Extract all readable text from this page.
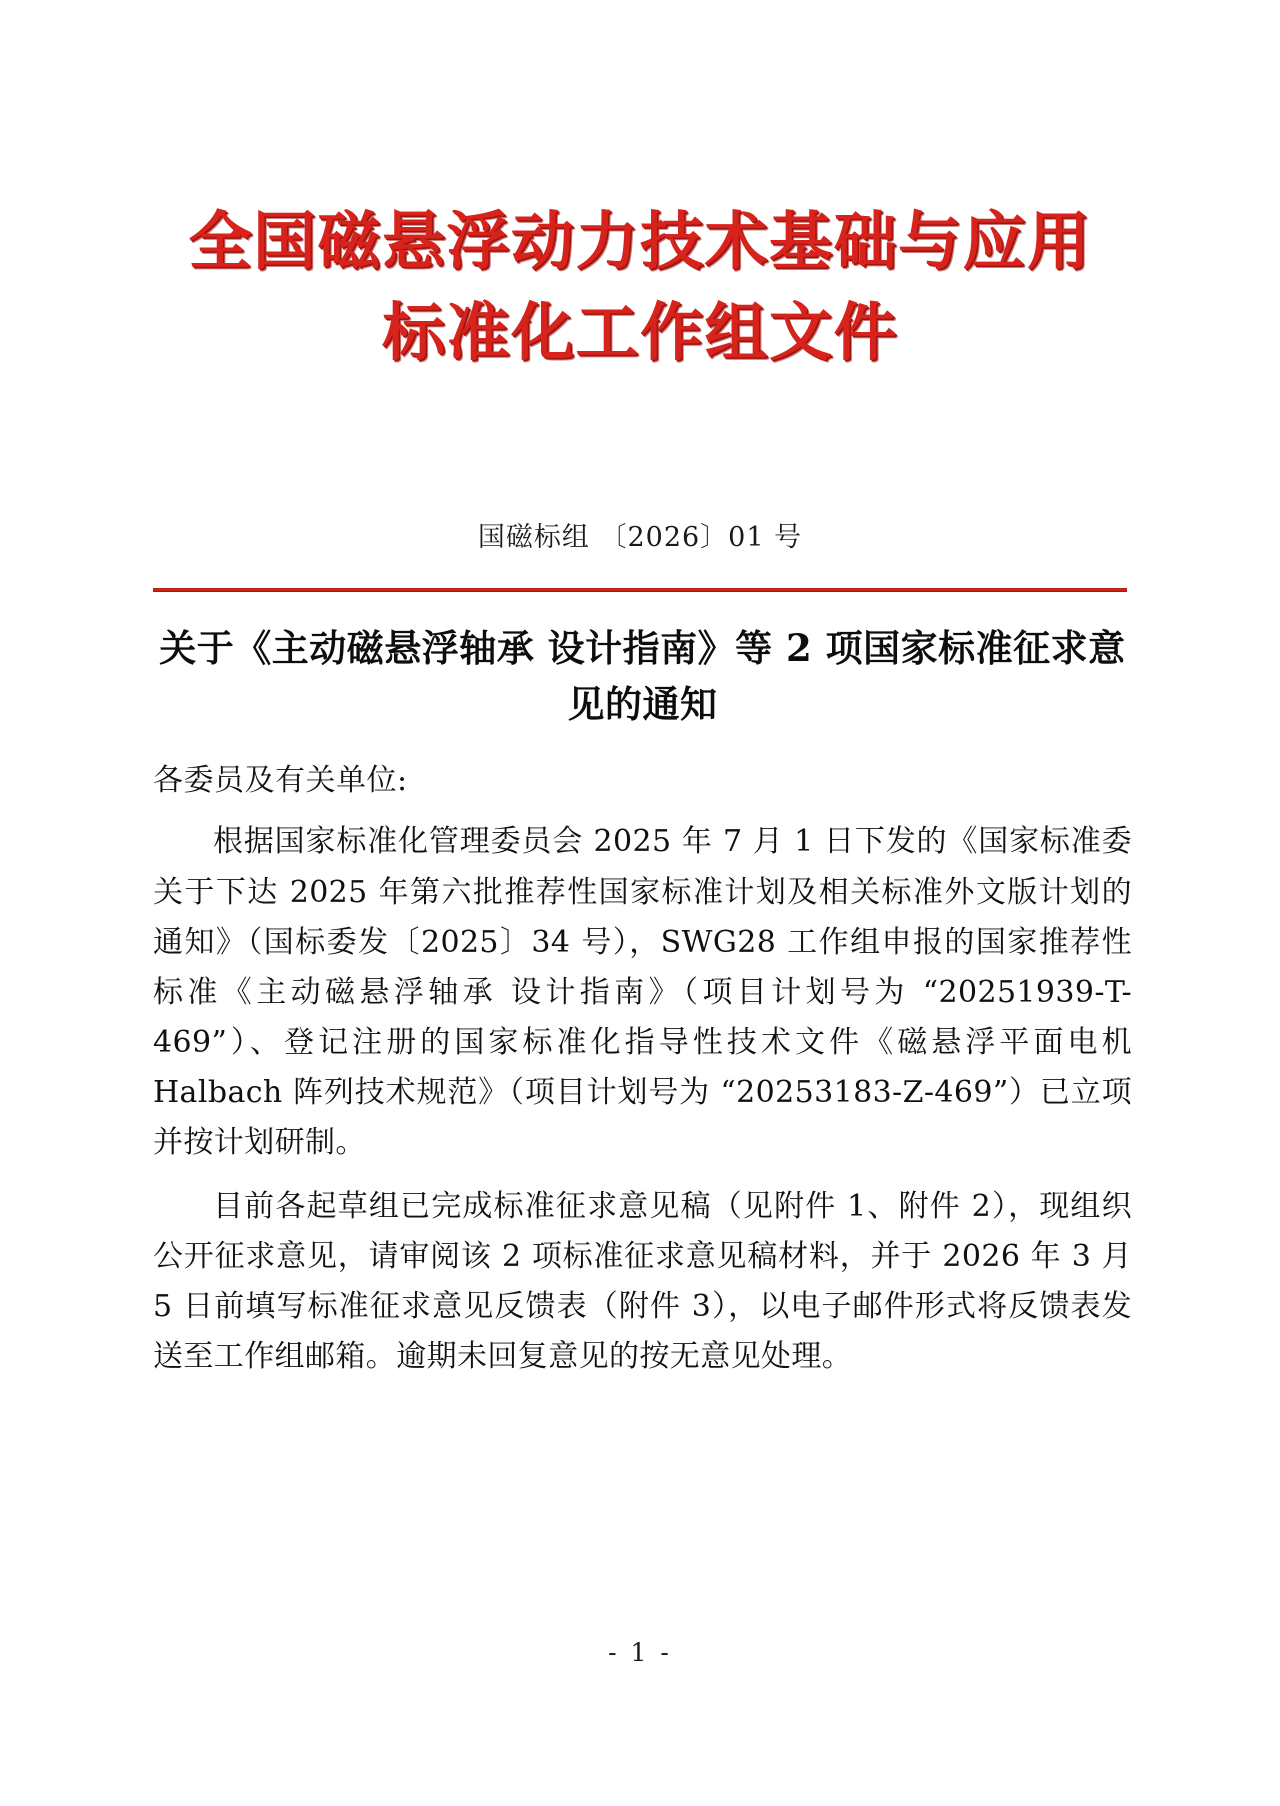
全国磁悬浮动力技术基础与应用
标准化工作组文件
国磁标组 〔2026〕01 号
关于《主动磁悬浮轴承 设计指南》等 2 项国家标准征求意见的通知

各委员及有关单位:

根据国家标准化管理委员会 2025 年 7 月 1 日下发的《国家标准委关于下达 2025 年第六批推荐性国家标准计划及相关标准外文版计划的通知》（国标委发〔2025〕34 号），SWG28 工作组申报的国家推荐性标准《主动磁悬浮轴承 设计指南》（项目计划号为 “20251939-T-469”）、登记注册的国家标准化指导性技术文件《磁悬浮平面电机 Halbach 阵列技术规范》（项目计划号为 “20253183-Z-469”）已立项并按计划研制。

目前各起草组已完成标准征求意见稿（见附件 1、附件 2），现组织公开征求意见，请审阅该 2 项标准征求意见稿材料，并于 2026 年 3 月 5 日前填写标准征求意见反馈表（附件 3），以电子邮件形式将反馈表发送至工作组邮箱。逾期未回复意见的按无意见处理。

- 1 -
